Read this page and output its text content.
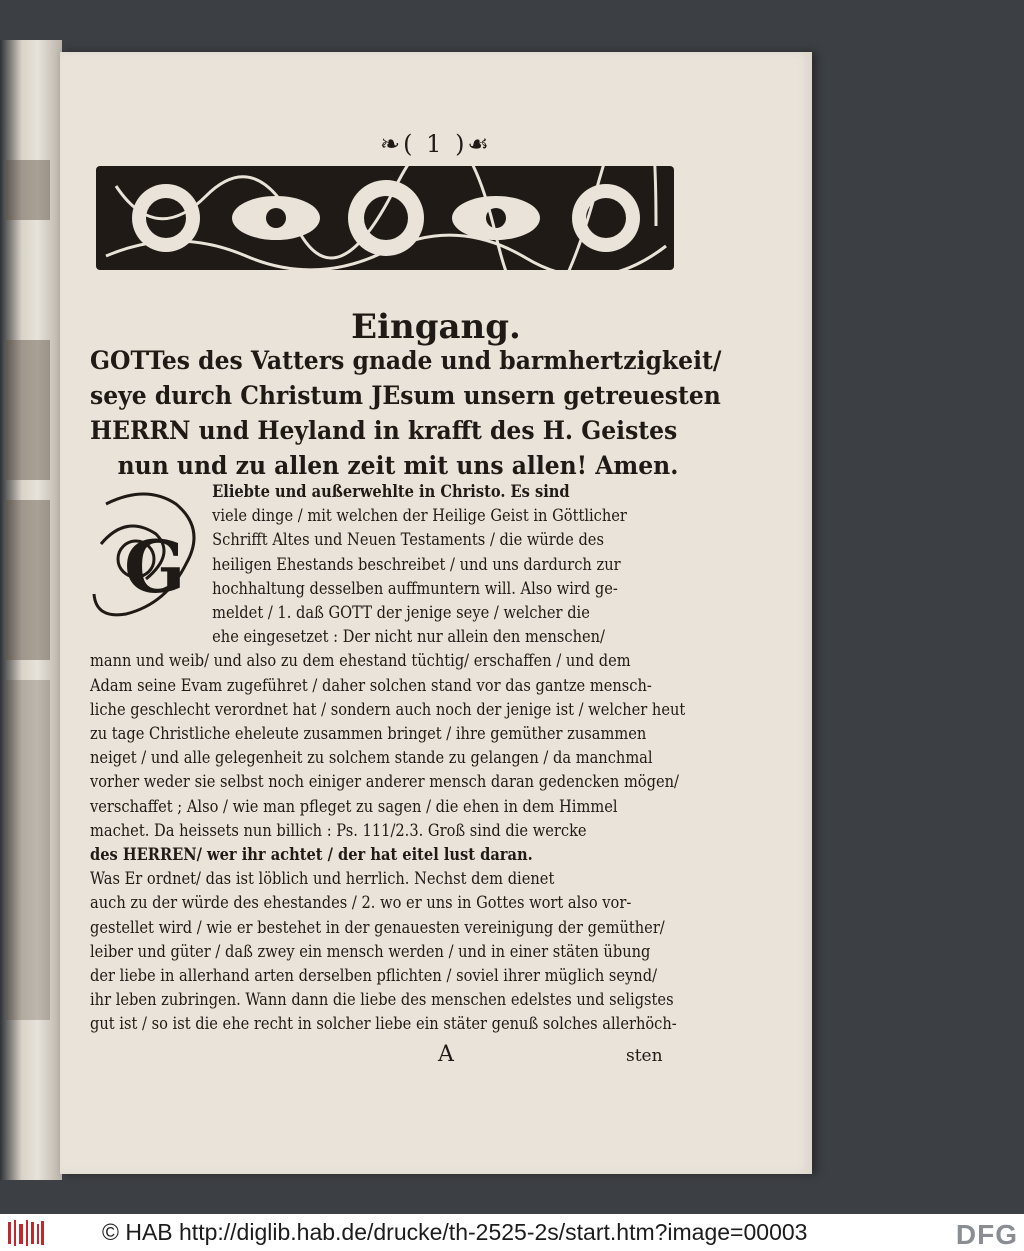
❧( 1 )☙
Eingang.
GOTTes des Vatters gnade und barmhertzigkeit/
seye durch Christum JEsum unsern getreuesten
HERRN und Heyland in krafft des H. Geistes
nun und zu allen zeit mit uns allen! Amen.
G
Eliebte und außerwehlte in Christo. Es sind
viele dinge / mit welchen der Heilige Geist in Göttlicher
Schrifft Altes und Neuen Testaments / die würde des
heiligen Ehestands beschreibet / und uns dardurch zur
hochhaltung desselben auffmuntern will. Also wird ge-
meldet / 1. daß GOTT der jenige seye / welcher die
ehe eingesetzet : Der nicht nur allein den menschen/
mann und weib/ und also zu dem ehestand tüchtig/ erschaffen / und dem
Adam seine Evam zugeführet / daher solchen stand vor das gantze mensch-
liche geschlecht verordnet hat / sondern auch noch der jenige ist / welcher heut
zu tage Christliche eheleute zusammen bringet / ihre gemüther zusammen
neiget / und alle gelegenheit zu solchem stande zu gelangen / da manchmal
vorher weder sie selbst noch einiger anderer mensch daran gedencken mögen/
verschaffet ; Also / wie man pfleget zu sagen / die ehen in dem Himmel
machet. Da heissets nun billich : Ps. 111/2.3. Groß sind die wercke
des HERREN/ wer ihr achtet / der hat eitel lust daran.
Was Er ordnet/ das ist löblich und herrlich. Nechst dem dienet
auch zu der würde des ehestandes / 2. wo er uns in Gottes wort also vor-
gestellet wird / wie er bestehet in der genauesten vereinigung der gemüther/
leiber und güter / daß zwey ein mensch werden / und in einer stäten übung
der liebe in allerhand arten derselben pflichten / soviel ihrer müglich seynd/
ihr leben zubringen. Wann dann die liebe des menschen edelstes und seligstes
gut ist / so ist die ehe recht in solcher liebe ein stäter genuß solches allerhöch-
A	sten
© HAB http://diglib.hab.de/drucke/th-2525-2s/start.htm?image=00003	DFG
